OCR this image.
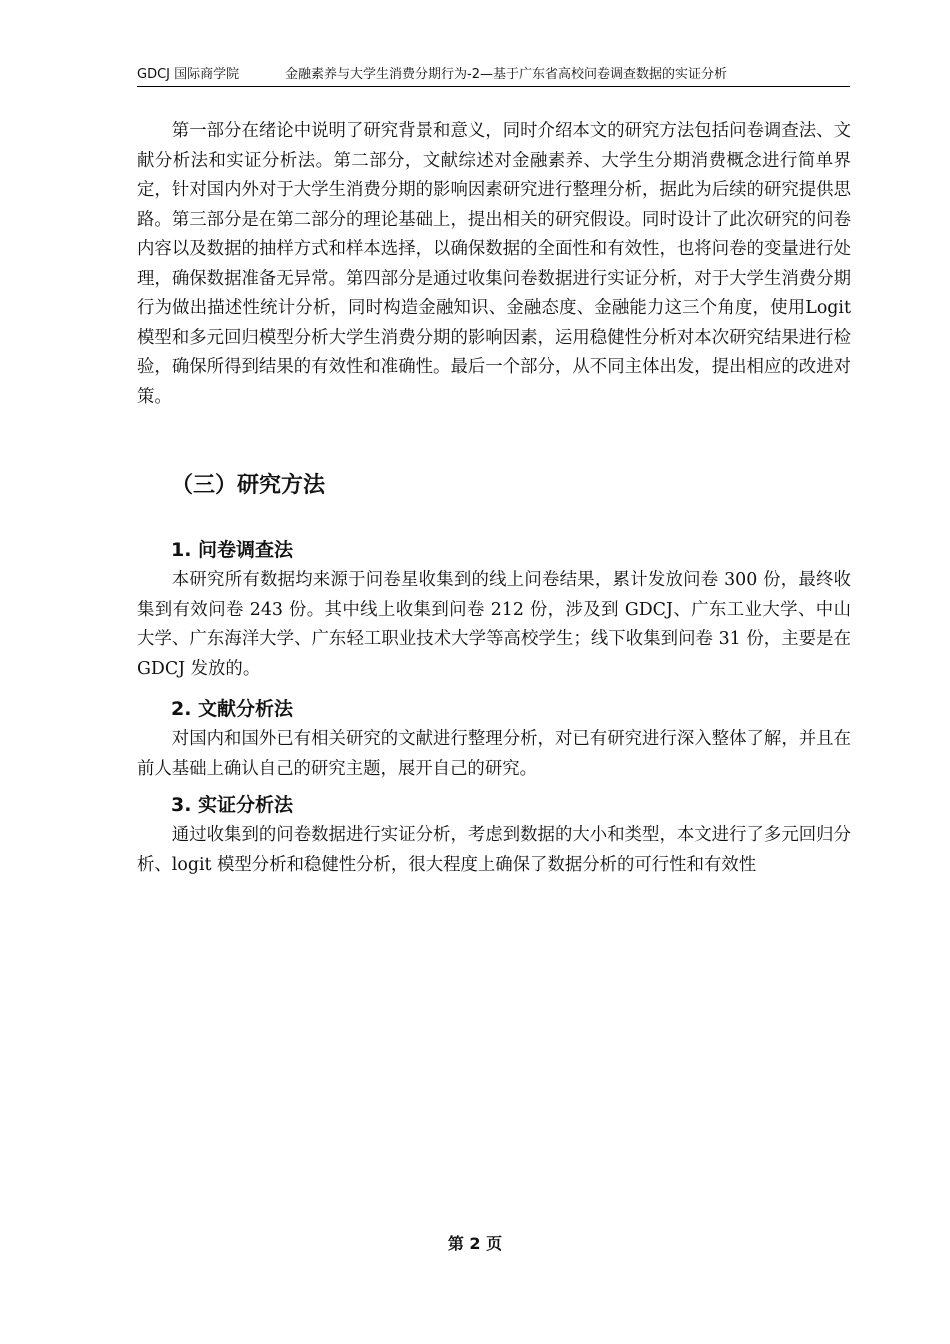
GDCJ 国际商学院	金融素养与大学生消费分期行为-2—基于广东省高校问卷调查数据的实证分析

第一部分在绪论中说明了研究背景和意义，同时介绍本文的研究方法包括问卷调查法、文献分析法和实证分析法。第二部分，文献综述对金融素养、大学生分期消费概念进行简单界定，针对国内外对于大学生消费分期的影响因素研究进行整理分析，据此为后续的研究提供思路。第三部分是在第二部分的理论基础上，提出相关的研究假设。同时设计了此次研究的问卷内容以及数据的抽样方式和样本选择，以确保数据的全面性和有效性，也将问卷的变量进行处理，确保数据准备无异常。第四部分是通过收集问卷数据进行实证分析，对于大学生消费分期行为做出描述性统计分析，同时构造金融知识、金融态度、金融能力这三个角度，使用Logit模型和多元回归模型分析大学生消费分期的影响因素，运用稳健性分析对本次研究结果进行检验，确保所得到结果的有效性和准确性。最后一个部分，从不同主体出发，提出相应的改进对策。

（三）研究方法
1. 问卷调查法

本研究所有数据均来源于问卷星收集到的线上问卷结果，累计发放问卷 300 份，最终收集到有效问卷 243 份。其中线上收集到问卷 212 份，涉及到 GDCJ、广东工业大学、中山大学、广东海洋大学、广东轻工职业技术大学等高校学生；线下收集到问卷 31 份，主要是在 GDCJ 发放的。

2. 文献分析法

对国内和国外已有相关研究的文献进行整理分析，对已有研究进行深入整体了解，并且在前人基础上确认自己的研究主题，展开自己的研究。

3. 实证分析法

通过收集到的问卷数据进行实证分析，考虑到数据的大小和类型，本文进行了多元回归分析、logit 模型分析和稳健性分析，很大程度上确保了数据分析的可行性和有效性

第 2 页
